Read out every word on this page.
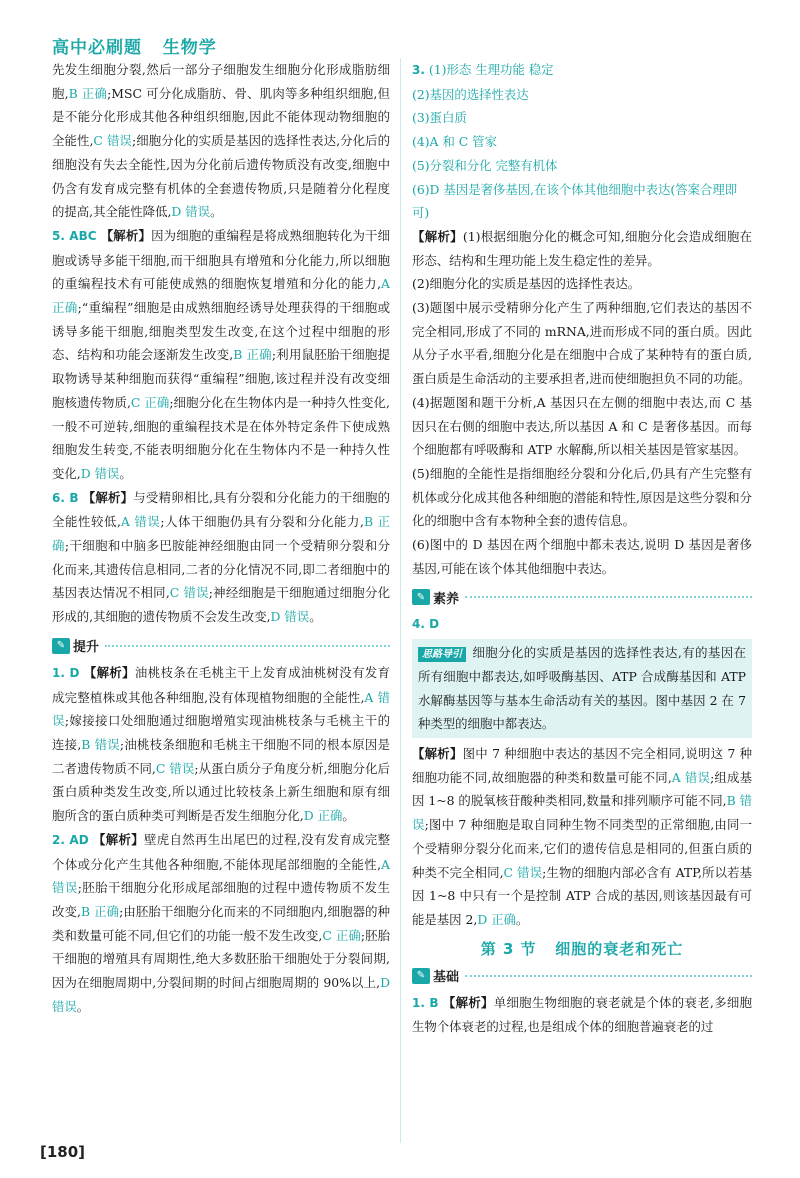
高中必刷题   生物学

先发生细胞分裂,然后一部分子细胞发生细胞分化形成脂肪细胞,B 正确;MSC 可分化成脂肪、骨、肌肉等多种组织细胞,但是不能分化形成其他各种组织细胞,因此不能体现动物细胞的全能性,C 错误;细胞分化的实质是基因的选择性表达,分化后的细胞没有失去全能性,因为分化前后遗传物质没有改变,细胞中仍含有发育成完整有机体的全套遗传物质,只是随着分化程度的提高,其全能性降低,D 错误。

5. ABC 【解析】因为细胞的重编程是将成熟细胞转化为干细胞或诱导多能干细胞,而干细胞具有增殖和分化能力,所以细胞的重编程技术有可能使成熟的细胞恢复增殖和分化的能力,A 正确;“重编程”细胞是由成熟细胞经诱导处理获得的干细胞或诱导多能干细胞,细胞类型发生改变,在这个过程中细胞的形态、结构和功能会逐渐发生改变,B 正确;利用鼠胚胎干细胞提取物诱导某种细胞而获得“重编程”细胞,该过程并没有改变细胞核遗传物质,C 正确;细胞分化在生物体内是一种持久性变化,一般不可逆转,细胞的重编程技术是在体外特定条件下使成熟细胞发生转变,不能表明细胞分化在生物体内不是一种持久性变化,D 错误。

6. B 【解析】与受精卵相比,具有分裂和分化能力的干细胞的全能性较低,A 错误;人体干细胞仍具有分裂和分化能力,B 正确;干细胞和中脑多巴胺能神经细胞由同一个受精卵分裂和分化而来,其遗传信息相同,二者的分化情况不同,即二者细胞中的基因表达情况不相同,C 错误;神经细胞是干细胞通过细胞分化形成的,其细胞的遗传物质不会发生改变,D 错误。

✎ 提升

1. D 【解析】油桃枝条在毛桃主干上发育成油桃树没有发育成完整植株或其他各种细胞,没有体现植物细胞的全能性,A 错误;嫁接接口处细胞通过细胞增殖实现油桃枝条与毛桃主干的连接,B 错误;油桃枝条细胞和毛桃主干细胞不同的根本原因是二者遗传物质不同,C 错误;从蛋白质分子角度分析,细胞分化后蛋白质种类发生改变,所以通过比较枝条上新生细胞和原有细胞所含的蛋白质种类可判断是否发生细胞分化,D 正确。

2. AD 【解析】壁虎自然再生出尾巴的过程,没有发育成完整个体或分化产生其他各种细胞,不能体现尾部细胞的全能性,A 错误;胚胎干细胞分化形成尾部细胞的过程中遗传物质不发生改变,B 正确;由胚胎干细胞分化而来的不同细胞内,细胞器的种类和数量可能不同,但它们的功能一般不发生改变,C 正确;胚胎干细胞的增殖具有周期性,绝大多数胚胎干细胞处于分裂间期,因为在细胞周期中,分裂间期的时间占细胞周期的 90%以上,D 错误。

3. (1)形态 生理功能 稳定

(2)基因的选择性表达

(3)蛋白质

(4)A 和 C 管家

(5)分裂和分化 完整有机体

(6)D 基因是奢侈基因,在该个体其他细胞中表达(答案合理即可)

【解析】(1)根据细胞分化的概念可知,细胞分化会造成细胞在形态、结构和生理功能上发生稳定性的差异。

(2)细胞分化的实质是基因的选择性表达。

(3)题图中展示受精卵分化产生了两种细胞,它们表达的基因不完全相同,形成了不同的 mRNA,进而形成不同的蛋白质。因此从分子水平看,细胞分化是在细胞中合成了某种特有的蛋白质,蛋白质是生命活动的主要承担者,进而使细胞担负不同的功能。

(4)据题图和题干分析,A 基因只在左侧的细胞中表达,而 C 基因只在右侧的细胞中表达,所以基因 A 和 C 是奢侈基因。而每个细胞都有呼吸酶和 ATP 水解酶,所以相关基因是管家基因。

(5)细胞的全能性是指细胞经分裂和分化后,仍具有产生完整有机体或分化成其他各种细胞的潜能和特性,原因是这些分裂和分化的细胞中含有本物种全套的遗传信息。

(6)图中的 D 基因在两个细胞中都未表达,说明 D 基因是奢侈基因,可能在该个体其他细胞中表达。

✎ 素养

4. D

思路导引 细胞分化的实质是基因的选择性表达,有的基因在所有细胞中都表达,如呼吸酶基因、ATP 合成酶基因和 ATP 水解酶基因等与基本生命活动有关的基因。图中基因 2 在 7 种类型的细胞中都表达。

【解析】图中 7 种细胞中表达的基因不完全相同,说明这 7 种细胞功能不同,故细胞器的种类和数量可能不同,A 错误;组成基因 1~8 的脱氧核苷酸种类相同,数量和排列顺序可能不同,B 错误;图中 7 种细胞是取自同种生物不同类型的正常细胞,由同一个受精卵分裂分化而来,它们的遗传信息是相同的,但蛋白质的种类不完全相同,C 错误;生物的细胞内部必含有 ATP,所以若基因 1~8 中只有一个是控制 ATP 合成的基因,则该基因最有可能是基因 2,D 正确。

第 3 节   细胞的衰老和死亡
✎ 基础

1. B 【解析】单细胞生物细胞的衰老就是个体的衰老,多细胞生物个体衰老的过程,也是组成个体的细胞普遍衰老的过

[180]
